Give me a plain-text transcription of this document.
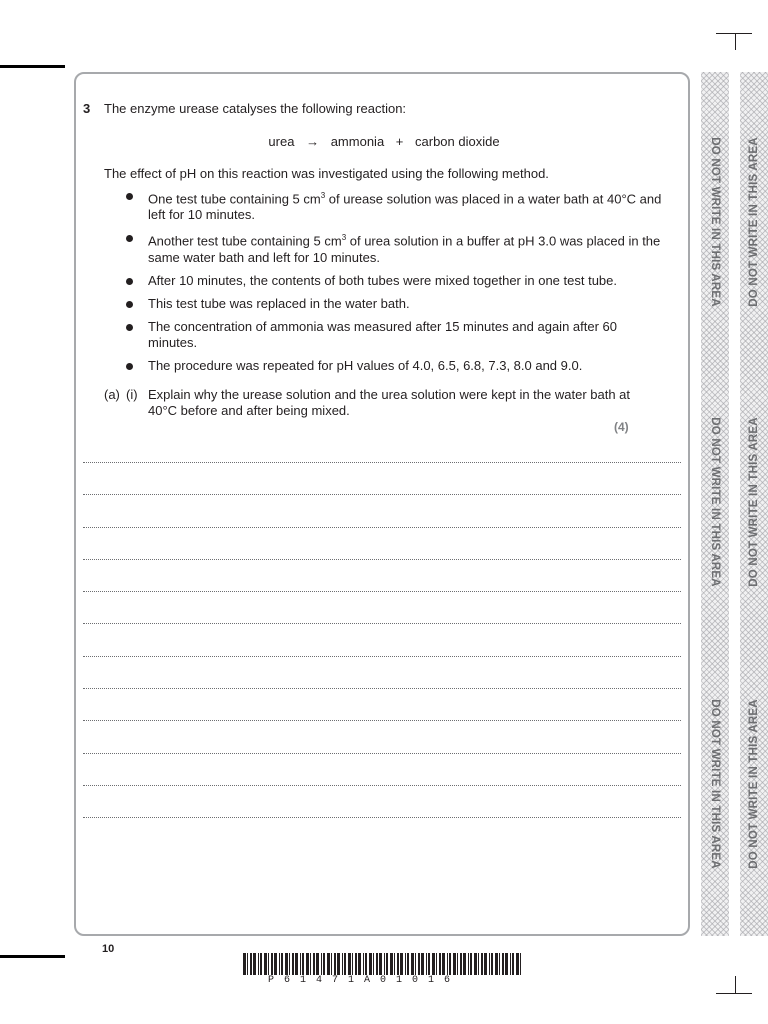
DO NOT WRITE IN THIS AREA
DO NOT WRITE IN THIS AREA
DO NOT WRITE IN THIS AREA
DO NOT WRITE IN THIS AREA
DO NOT WRITE IN THIS AREA
DO NOT WRITE IN THIS AREA
3 The enzyme urease catalyses the following reaction:
urea → ammonia + carbon dioxide
The effect of pH on this reaction was investigated using the following method.
One test tube containing 5 $cm^3$ of urease solution was placed in a water bath at 40°C and left for 10 minutes.
Another test tube containing 5 $cm^3$ of urea solution in a buffer at pH 3.0 was placed in the same water bath and left for 10 minutes.
After 10 minutes, the contents of both tubes were mixed together in one test tube.
This test tube was replaced in the water bath.
The concentration of ammonia was measured after 15 minutes and again after 60 minutes.
The procedure was repeated for pH values of 4.0, 6.5, 6.8, 7.3, 8.0 and 9.0.
(a) (i) Explain why the urease solution and the urea solution were kept in the water bath at 40°C before and after being mixed.
(4)
10
P61471A01016
